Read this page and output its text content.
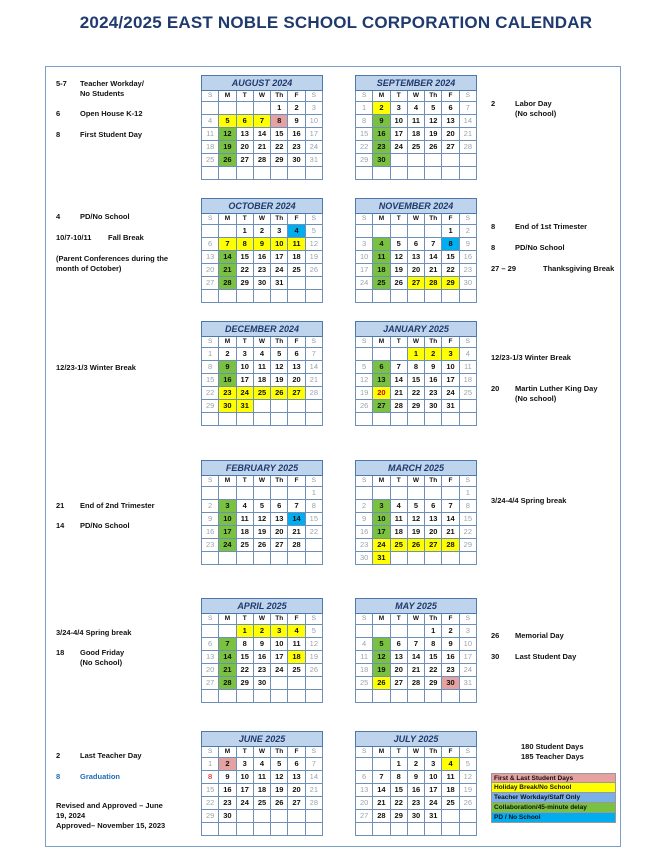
2024/2025 EAST NOBLE SCHOOL CORPORATION CALENDAR
AUGUST 2024						
S	M	T	W	Th	F	S
				1	2	3
4	5	6	7	8	9	10
11	12	13	14	15	16	17
18	19	20	21	22	23	24
25	26	27	28	29	30	31

SEPTEMBER 2024						
S	M	T	W	Th	F	S
1	2	3	4	5	6	7
8	9	10	11	12	13	14
15	16	17	18	19	20	21
22	23	24	25	26	27	28
29	30					

OCTOBER 2024						
S	M	T	W	Th	F	S
		1	2	3	4	5
6	7	8	9	10	11	12
13	14	15	16	17	18	19
20	21	22	23	24	25	26
27	28	29	30	31		

NOVEMBER 2024						
S	M	T	W	Th	F	S
					1	2
3	4	5	6	7	8	9
10	11	12	13	14	15	16
17	18	19	20	21	22	23
24	25	26	27	28	29	30

DECEMBER 2024						
S	M	T	W	Th	F	S
1	2	3	4	5	6	7
8	9	10	11	12	13	14
15	16	17	18	19	20	21
22	23	24	25	26	27	28
29	30	31				

JANUARY 2025						
S	M	T	W	Th	F	S
			1	2	3	4
5	6	7	8	9	10	11
12	13	14	15	16	17	18
19	20	21	22	23	24	25
26	27	28	29	30	31	

FEBRUARY 2025						
S	M	T	W	Th	F	S
						1
2	3	4	5	6	7	8
9	10	11	12	13	14	15
16	17	18	19	20	21	22
23	24	25	26	27	28	

MARCH 2025						
S	M	T	W	Th	F	S
						1
2	3	4	5	6	7	8
9	10	11	12	13	14	15
16	17	18	19	20	21	22
23	24	25	26	27	28	29
30	31					
APRIL 2025						
S	M	T	W	Th	F	S
		1	2	3	4	5
6	7	8	9	10	11	12
13	14	15	16	17	18	19
20	21	22	23	24	25	26
27	28	29	30			

MAY 2025						
S	M	T	W	Th	F	S
				1	2	3
4	5	6	7	8	9	10
11	12	13	14	15	16	17
18	19	20	21	22	23	24
25	26	27	28	29	30	31

JUNE 2025						
S	M	T	W	Th	F	S
1	2	3	4	5	6	7
8	9	10	11	12	13	14
15	16	17	18	19	20	21
22	23	24	25	26	27	28
29	30					

JULY 2025						
S	M	T	W	Th	F	S
		1	2	3	4	5
6	7	8	9	10	11	12
13	14	15	16	17	18	19
20	21	22	23	24	25	26
27	28	29	30	31		

5-7 Teacher Workday/
No Students
6	Open House K-12
8	First Student Day
2	Labor Day
(No school)
4	PD/No School
10/7-10/11 Fall Break
(Parent Conferences during the
month of October)
8	End of 1st Trimester
8	PD/No School
27 – 29	Thanksgiving Break
12/23-1/3 Winter Break
12/23-1/3 Winter Break
20 Martin Luther King Day
(No school)
21 End of 2nd Trimester
14 PD/No School
3/24-4/4 Spring break
3/24-4/4 Spring break
18 Good Friday
(No School)
26 Memorial Day
30 Last Student Day
2	Last Teacher Day
8	Graduation
Revised and Approved – June
19, 2024
Approved– November 15, 2023
180 Student Days
185 Teacher Days
First & Last Student Days
Holiday Break/No School
Teacher Workday/Staff Only
Collaboration/45-minute delay
PD / No School
